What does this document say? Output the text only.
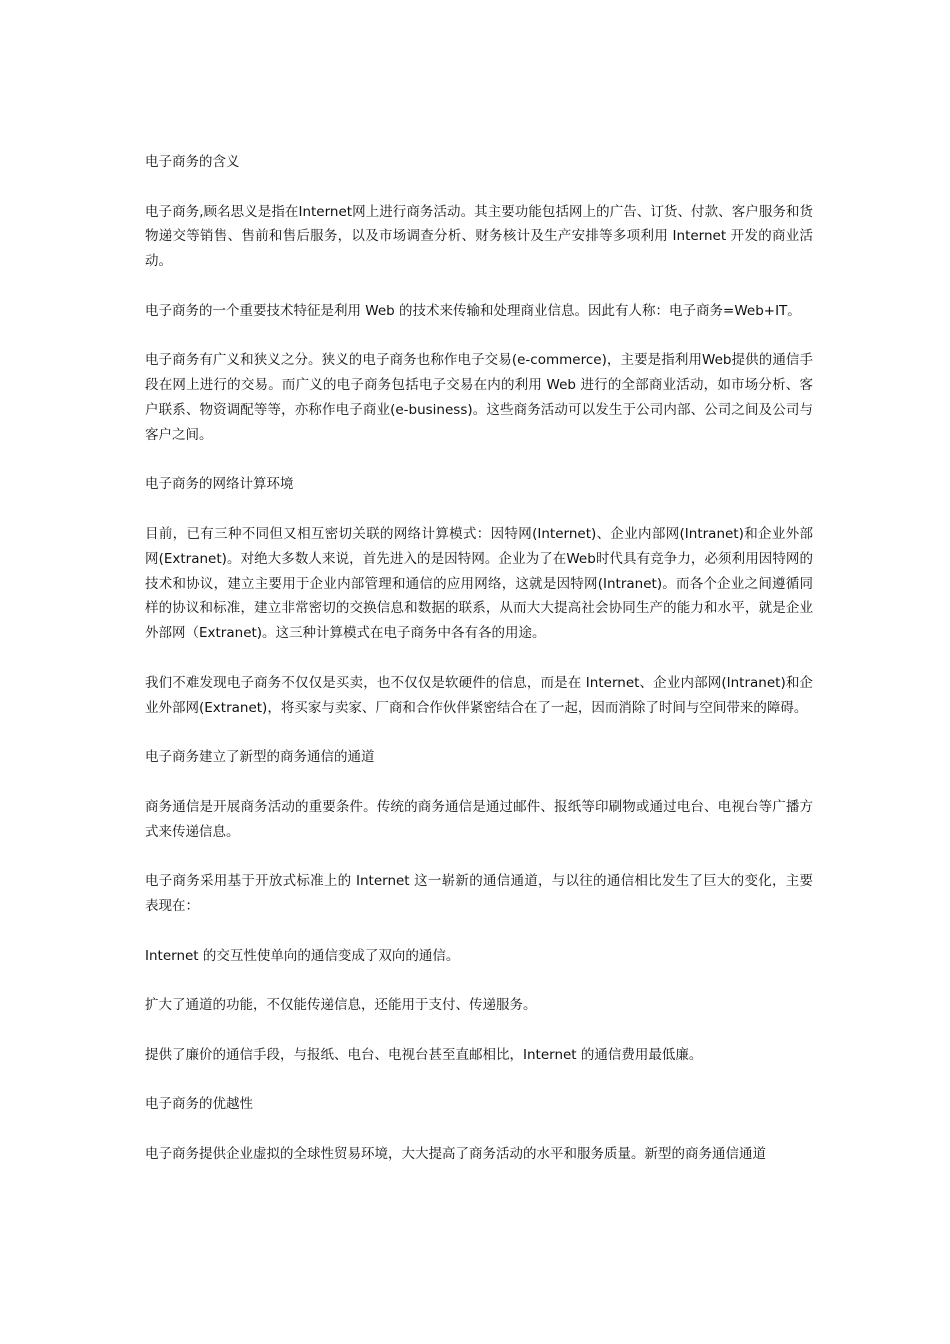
电子商务的含义

电子商务,顾名思义是指在Internet网上进行商务活动。其主要功能包括网上的广告、订货、付款、客户服务和货物递交等销售、售前和售后服务，以及市场调查分析、财务核计及生产安排等多项利用 Internet 开发的商业活动。

电子商务的一个重要技术特征是利用 Web 的技术来传输和处理商业信息。因此有人称：电子商务=Web+IT。

电子商务有广义和狭义之分。狭义的电子商务也称作电子交易(e-commerce)，主要是指利用Web提供的通信手段在网上进行的交易。而广义的电子商务包括电子交易在内的利用 Web 进行的全部商业活动，如市场分析、客户联系、物资调配等等，亦称作电子商业(e-business)。这些商务活动可以发生于公司内部、公司之间及公司与客户之间。

电子商务的网络计算环境

目前，已有三种不同但又相互密切关联的网络计算模式：因特网(Internet)、企业内部网(Intranet)和企业外部网(Extranet)。对绝大多数人来说，首先进入的是因特网。企业为了在Web时代具有竞争力，必须利用因特网的技术和协议，建立主要用于企业内部管理和通信的应用网络，这就是因特网(Intranet)。而各个企业之间遵循同样的协议和标准，建立非常密切的交换信息和数据的联系，从而大大提高社会协同生产的能力和水平，就是企业外部网（Extranet)。这三种计算模式在电子商务中各有各的用途。

我们不难发现电子商务不仅仅是买卖，也不仅仅是软硬件的信息，而是在 Internet、企业内部网(Intranet)和企业外部网(Extranet)，将买家与卖家、厂商和合作伙伴紧密结合在了一起，因而消除了时间与空间带来的障碍。

电子商务建立了新型的商务通信的通道

商务通信是开展商务活动的重要条件。传统的商务通信是通过邮件、报纸等印刷物或通过电台、电视台等广播方式来传递信息。

电子商务采用基于开放式标准上的 Internet 这一崭新的通信通道，与以往的通信相比发生了巨大的变化，主要表现在：

Internet 的交互性使单向的通信变成了双向的通信。

扩大了通道的功能，不仅能传递信息，还能用于支付、传递服务。

提供了廉价的通信手段，与报纸、电台、电视台甚至直邮相比，Internet 的通信费用最低廉。

电子商务的优越性

电子商务提供企业虚拟的全球性贸易环境，大大提高了商务活动的水平和服务质量。新型的商务通信通道
